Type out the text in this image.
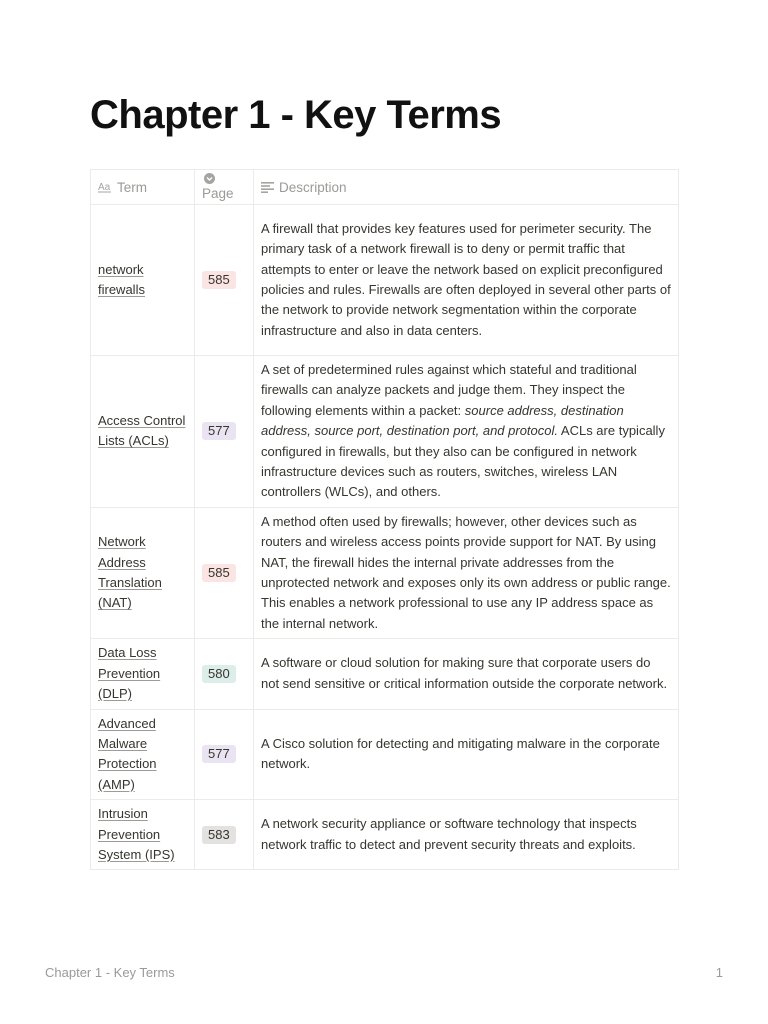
Chapter 1 - Key Terms
Aa Term	Page	Description

network firewalls	585	A firewall that provides key features used for perimeter security. The primary task of a network firewall is to deny or permit traffic that attempts to enter or leave the network based on explicit preconfigured policies and rules. Firewalls are often deployed in several other parts of the network to provide network segmentation within the corporate infrastructure and also in data centers.
Access Control Lists (ACLs)	577	A set of predetermined rules against which stateful and traditional firewalls can analyze packets and judge them. They inspect the following elements within a packet: source address, destination address, source port, destination port, and protocol. ACLs are typically configured in firewalls, but they also can be configured in network infrastructure devices such as routers, switches, wireless LAN controllers (WLCs), and others.
Network Address Translation (NAT)	585	A method often used by firewalls; however, other devices such as routers and wireless access points provide support for NAT. By using NAT, the firewall hides the internal private addresses from the unprotected network and exposes only its own address or public range. This enables a network professional to use any IP address space as the internal network.
Data Loss Prevention (DLP)	580	A software or cloud solution for making sure that corporate users do not send sensitive or critical information outside the corporate network.
Advanced Malware Protection (AMP)	577	A Cisco solution for detecting and mitigating malware in the corporate network.
Intrusion Prevention System (IPS)	583	A network security appliance or software technology that inspects network traffic to detect and prevent security threats and exploits.
Chapter 1 - Key Terms	1
